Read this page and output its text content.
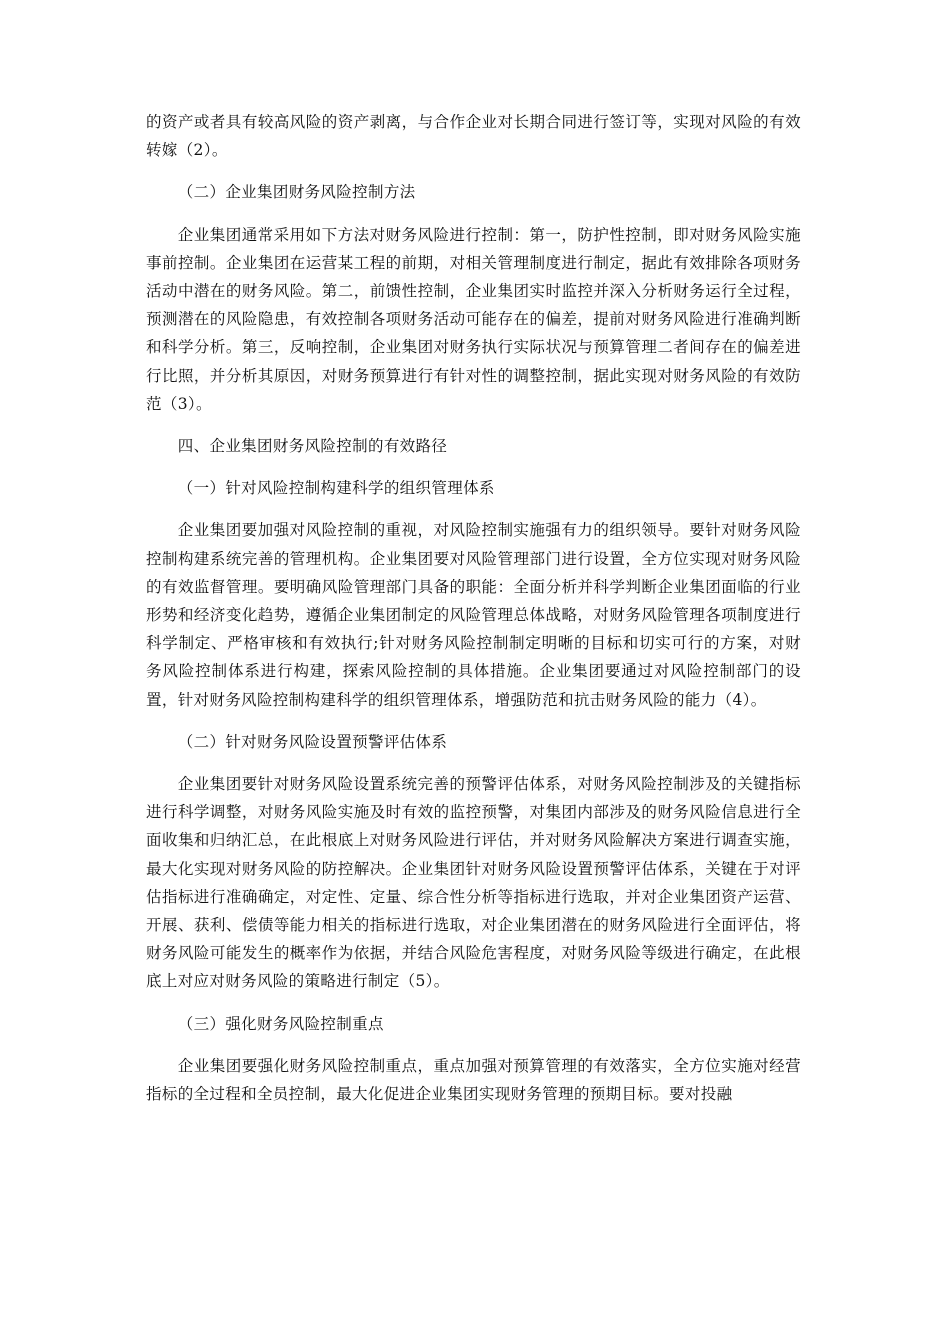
的资产或者具有较高风险的资产剥离，与合作企业对长期合同进行签订等，实现对风险的有效转嫁（2）。

（二）企业集团财务风险控制方法

企业集团通常采用如下方法对财务风险进行控制：第一，防护性控制，即对财务风险实施事前控制。企业集团在运营某工程的前期，对相关管理制度进行制定，据此有效排除各项财务活动中潜在的财务风险。第二，前馈性控制，企业集团实时监控并深入分析财务运行全过程，预测潜在的风险隐患，有效控制各项财务活动可能存在的偏差，提前对财务风险进行准确判断和科学分析。第三，反响控制，企业集团对财务执行实际状况与预算管理二者间存在的偏差进行比照，并分析其原因，对财务预算进行有针对性的调整控制，据此实现对财务风险的有效防范（3）。

四、企业集团财务风险控制的有效路径

（一）针对风险控制构建科学的组织管理体系

企业集团要加强对风险控制的重视，对风险控制实施强有力的组织领导。要针对财务风险控制构建系统完善的管理机构。企业集团要对风险管理部门进行设置，全方位实现对财务风险的有效监督管理。要明确风险管理部门具备的职能：全面分析并科学判断企业集团面临的行业形势和经济变化趋势，遵循企业集团制定的风险管理总体战略，对财务风险管理各项制度进行科学制定、严格审核和有效执行;针对财务风险控制制定明晰的目标和切实可行的方案，对财务风险控制体系进行构建，探索风险控制的具体措施。企业集团要通过对风险控制部门的设置，针对财务风险控制构建科学的组织管理体系，增强防范和抗击财务风险的能力（4）。

（二）针对财务风险设置预警评估体系

企业集团要针对财务风险设置系统完善的预警评估体系，对财务风险控制涉及的关键指标进行科学调整，对财务风险实施及时有效的监控预警，对集团内部涉及的财务风险信息进行全面收集和归纳汇总，在此根底上对财务风险进行评估，并对财务风险解决方案进行调查实施，最大化实现对财务风险的防控解决。企业集团针对财务风险设置预警评估体系，关键在于对评估指标进行准确确定，对定性、定量、综合性分析等指标进行选取，并对企业集团资产运营、开展、获利、偿债等能力相关的指标进行选取，对企业集团潜在的财务风险进行全面评估，将财务风险可能发生的概率作为依据，并结合风险危害程度，对财务风险等级进行确定，在此根底上对应对财务风险的策略进行制定（5）。

（三）强化财务风险控制重点

企业集团要强化财务风险控制重点，重点加强对预算管理的有效落实，全方位实施对经营指标的全过程和全员控制，最大化促进企业集团实现财务管理的预期目标。要对投融
